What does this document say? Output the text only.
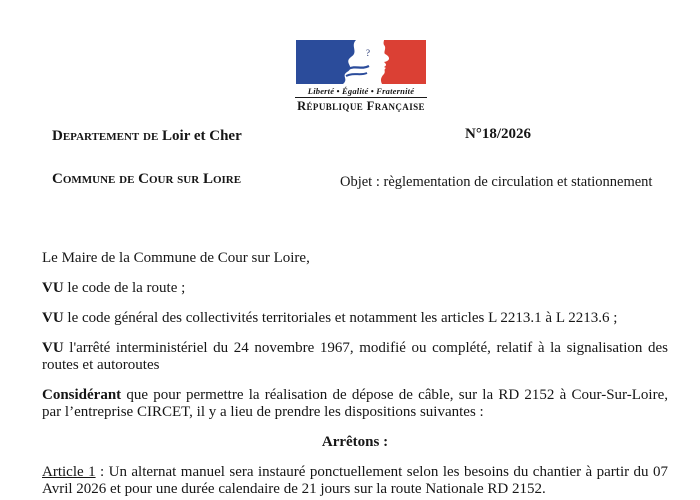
?
Liberté • Égalité • Fraternité
République Française
Departement de Loir et Cher	N°18/2026
Commune de Cour sur Loire	Objet : règlementation de circulation et stationnement

Le Maire de la Commune de Cour sur Loire,

VU le code de la route ;

VU le code général des collectivités territoriales et notamment les articles L 2213.1 à L 2213.6 ;

VU l'arrêté interministériel du 24 novembre 1967, modifié ou complété, relatif à la signalisation des routes et autoroutes

Considérant que pour permettre la réalisation de dépose de câble, sur la RD 2152 à Cour-Sur-Loire, par l’entreprise CIRCET, il y a lieu de prendre les dispositions suivantes :

Arrêtons :

Article 1 : Un alternat manuel sera instauré ponctuellement selon les besoins du chantier à partir du 07 Avril 2026 et pour une durée calendaire de 21 jours sur la route Nationale RD 2152.
